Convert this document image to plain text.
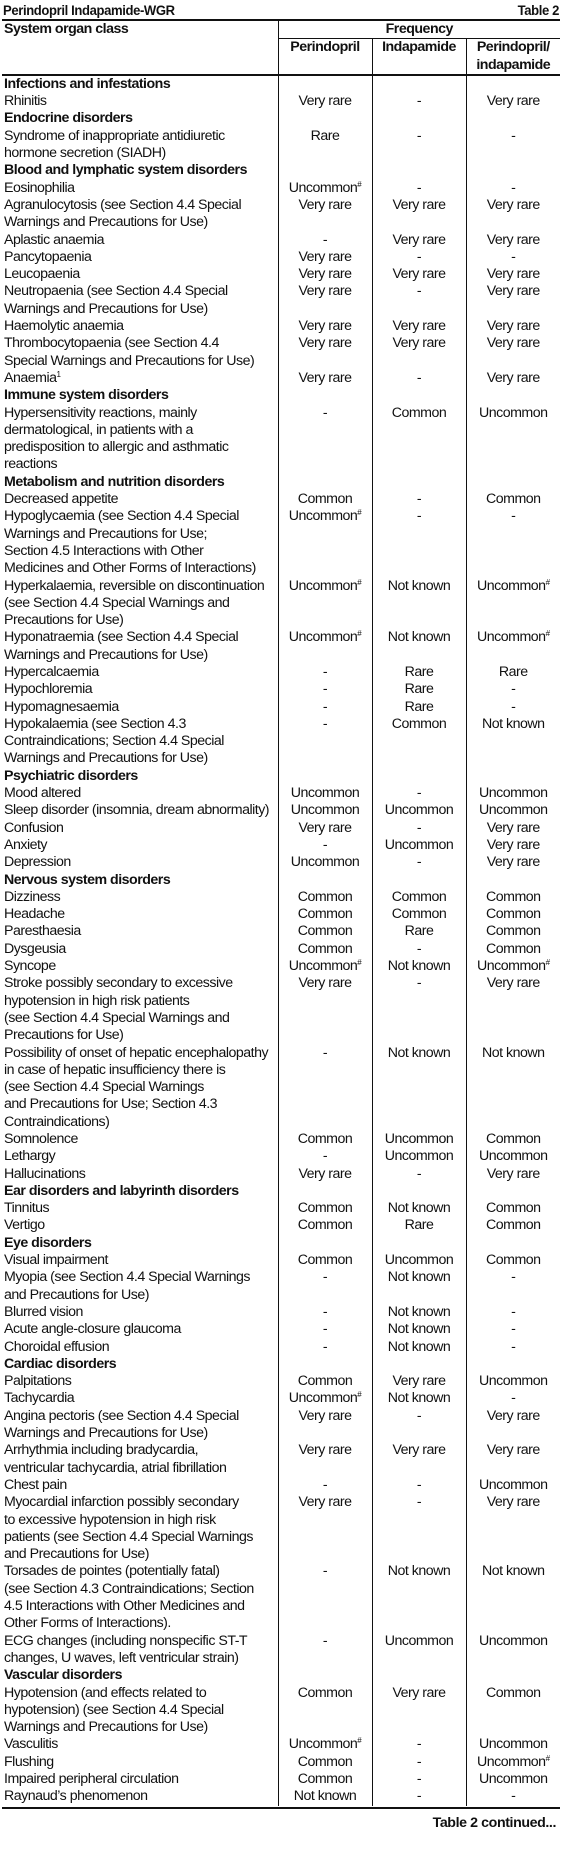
Perindopril Indapamide-WGR	Table 2
System organ class	Frequency		
	Perindopril	Indapamide	Perindopril/
indapamide

Infections and infestations			

Rhinitis	Very rare	-	Very rare

Endocrine disorders			

Syndrome of inappropriate antidiuretic
hormone secretion (SIADH)	Rare	-	-

Blood and lymphatic system disorders			

Eosinophilia	Uncommon#	-	-

Agranulocytosis (see Section 4.4 Special
Warnings and Precautions for Use)	Very rare	Very rare	Very rare

Aplastic anaemia	-	Very rare	Very rare

Pancytopaenia	Very rare	-	-

Leucopaenia	Very rare	Very rare	Very rare

Neutropaenia (see Section 4.4 Special
Warnings and Precautions for Use)	Very rare	-	Very rare

Haemolytic anaemia	Very rare	Very rare	Very rare

Thrombocytopaenia (see Section 4.4
Special Warnings and Precautions for Use)	Very rare	Very rare	Very rare

Anaemia$^1$	Very rare	-	Very rare

Immune system disorders			

Hypersensitivity reactions, mainly
dermatological, in patients with a
predisposition to allergic and asthmatic
reactions	-	Common	Uncommon

Metabolism and nutrition disorders			

Decreased appetite	Common	-	Common

Hypoglycaemia (see Section 4.4 Special
Warnings and Precautions for Use;
Section 4.5 Interactions with Other
Medicines and Other Forms of Interactions)	Uncommon#	-	-

Hyperkalaemia, reversible on discontinuation
(see Section 4.4 Special Warnings and
Precautions for Use)	Uncommon#	Not known	Uncommon#

Hyponatraemia (see Section 4.4 Special
Warnings and Precautions for Use)	Uncommon#	Not known	Uncommon#

Hypercalcaemia	-	Rare	Rare

Hypochloremia	-	Rare	-

Hypomagnesaemia	-	Rare	-

Hypokalaemia (see Section 4.3
Contraindications; Section 4.4 Special
Warnings and Precautions for Use)	-	Common	Not known

Psychiatric disorders			

Mood altered	Uncommon	-	Uncommon

Sleep disorder (insomnia, dream abnormality)	Uncommon	Uncommon	Uncommon

Confusion	Very rare	-	Very rare

Anxiety	-	Uncommon	Very rare

Depression	Uncommon	-	Very rare

Nervous system disorders			

Dizziness	Common	Common	Common

Headache	Common	Common	Common

Paresthaesia	Common	Rare	Common

Dysgeusia	Common	-	Common

Syncope	Uncommon#	Not known	Uncommon#

Stroke possibly secondary to excessive
hypotension in high risk patients
(see Section 4.4 Special Warnings and
Precautions for Use)	Very rare	-	Very rare

Possibility of onset of hepatic encephalopathy
in case of hepatic insufficiency there is
(see Section 4.4 Special Warnings
and Precautions for Use; Section 4.3
Contraindications)	-	Not known	Not known

Somnolence	Common	Uncommon	Common

Lethargy	-	Uncommon	Uncommon

Hallucinations	Very rare	-	Very rare

Ear disorders and labyrinth disorders			

Tinnitus	Common	Not known	Common

Vertigo	Common	Rare	Common

Eye disorders			

Visual impairment	Common	Uncommon	Common

Myopia (see Section 4.4 Special Warnings
and Precautions for Use)	-	Not known	-

Blurred vision	-	Not known	-

Acute angle-closure glaucoma	-	Not known	-

Choroidal effusion	-	Not known	-

Cardiac disorders			

Palpitations	Common	Very rare	Uncommon

Tachycardia	Uncommon#	Not known	-

Angina pectoris (see Section 4.4 Special
Warnings and Precautions for Use)	Very rare	-	Very rare

Arrhythmia including bradycardia,
ventricular tachycardia, atrial fibrillation	Very rare	Very rare	Very rare

Chest pain	-	-	Uncommon

Myocardial infarction possibly secondary
to excessive hypotension in high risk
patients (see Section 4.4 Special Warnings
and Precautions for Use)	Very rare	-	Very rare

Torsades de pointes (potentially fatal)
(see Section 4.3 Contraindications; Section
4.5 Interactions with Other Medicines and
Other Forms of Interactions).	-	Not known	Not known

ECG changes (including nonspecific ST-T
changes, U waves, left ventricular strain)	-	Uncommon	Uncommon

Vascular disorders			

Hypotension (and effects related to
hypotension) (see Section 4.4 Special
Warnings and Precautions for Use)	Common	Very rare	Common

Vasculitis	Uncommon#	-	Uncommon

Flushing	Common	-	Uncommon#

Impaired peripheral circulation	Common	-	Uncommon

Raynaud’s phenomenon	Not known	-	-
Table 2 continued...
